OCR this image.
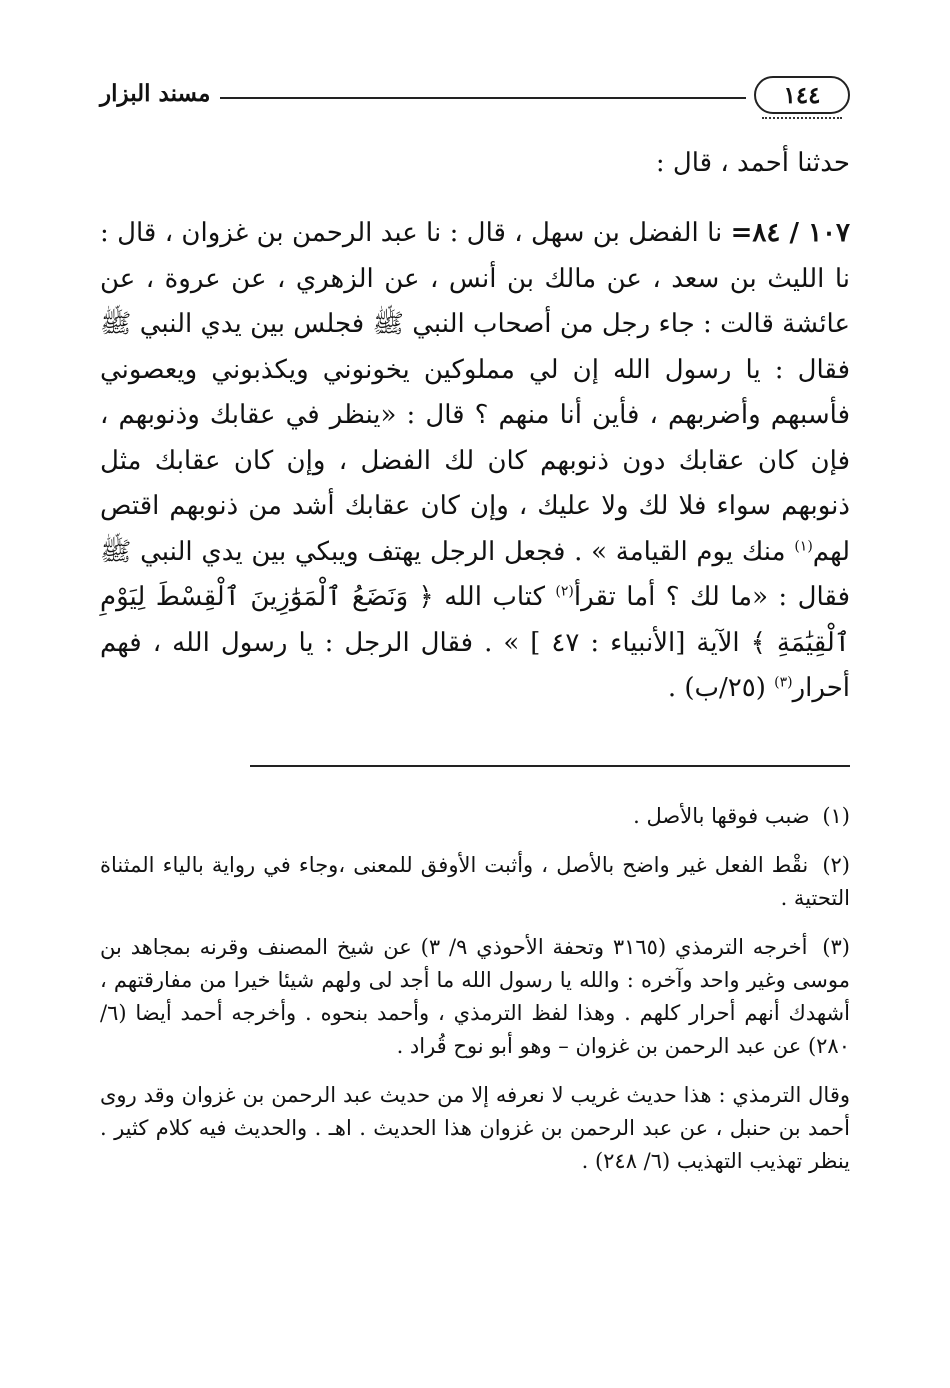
١٤٤
مسند البزار
حدثنا أحمد ، قال :
١٠٧ / ٨٤= نا الفضل بن سهل ، قال : نا عبد الرحمن بن غزوان ، قال : نا الليث بن سعد ، عن مالك بن أنس ، عن الزهري ، عن عروة ، عن عائشة قالت : جاء رجل من أصحاب النبي ﷺ فجلس بين يدي النبي ﷺ فقال : يا رسول الله إن لي مملوكين يخونوني ويكذبوني ويعصوني فأسبهم وأضربهم ، فأين أنا منهم ؟ قال : «ينظر في عقابك وذنوبهم ، فإن كان عقابك دون ذنوبهم كان لك الفضل ، وإن كان عقابك مثل ذنوبهم سواء فلا لك ولا عليك ، وإن كان عقابك أشد من ذنوبهم اقتص لهم$^{(١)}$ منك يوم القيامة » . فجعل الرجل يهتف ويبكي بين يدي النبي ﷺ فقال : «ما لك ؟ أما تقرأ$^{(٢)}$ كتاب الله ﴿ وَنَضَعُ ٱلْمَوَٰزِينَ ٱلْقِسْطَ لِيَوْمِ ٱلْقِيَٰمَةِ ﴾ الآية [الأنبياء : ٤٧ ] » . فقال الرجل : يا رسول الله ، فهم أحرار$^{(٣)}$ (٢٥/ب) .
(١) ضبب فوقها بالأصل .
(٢) نقْط الفعل غير واضح بالأصل ، وأثبت الأوفق للمعنى ،وجاء في رواية بالياء المثناة التحتية .
(٣) أخرجه الترمذي (٣١٦٥ وتحفة الأحوذي ٩/ ٣) عن شيخ المصنف وقرنه بمجاهد بن موسى وغير واحد وآخره : والله يا رسول الله ما أجد لى ولهم شيئا خيرا من مفارقتهم ، أشهدك أنهم أحرار كلهم . وهذا لفظ الترمذي ، وأحمد بنحوه . وأخرجه أحمد أيضا (٦/ ٢٨٠) عن عبد الرحمن بن غزوان – وهو أبو نوح قُراد .

وقال الترمذي : هذا حديث غريب لا نعرفه إلا من حديث عبد الرحمن بن غزوان وقد روى أحمد بن حنبل ، عن عبد الرحمن بن غزوان هذا الحديث . اهـ . والحديث فيه كلام كثير . ينظر تهذيب التهذيب (٦/ ٢٤٨) .
